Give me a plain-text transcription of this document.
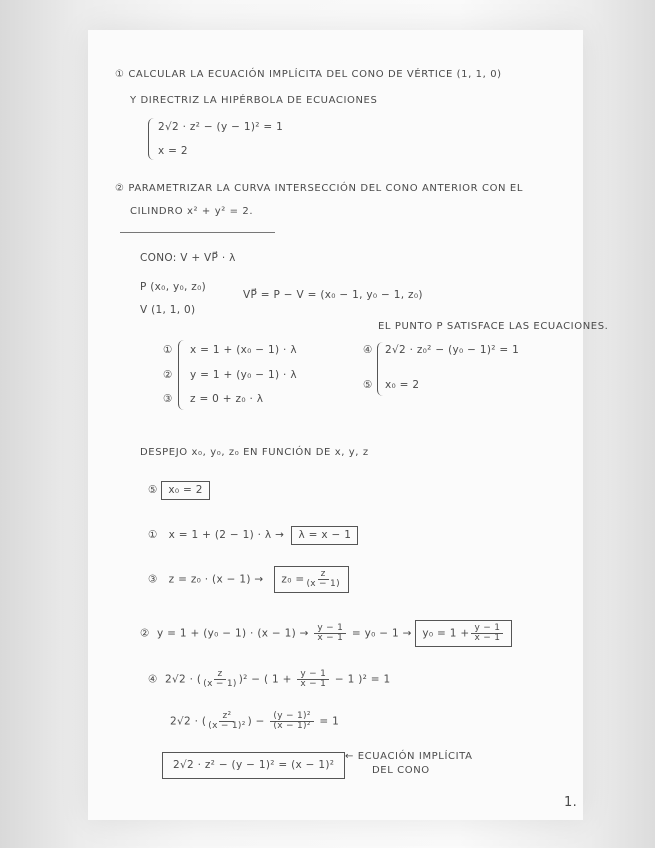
① CALCULAR LA ECUACIÓN IMPLÍCITA DEL CONO DE VÉRTICE (1, 1, 0)
Y DIRECTRIZ LA HIPÉRBOLA DE ECUACIONES
2√2 · z² − (y − 1)² = 1
x = 2
② PARAMETRIZAR LA CURVA INTERSECCIÓN DEL CONO ANTERIOR CON EL
CILINDRO x² + y² = 2.
CONO: V + VP⃗ · λ
P (x₀, y₀, z₀)
V (1, 1, 0)
VP⃗ = P − V = (x₀ − 1, y₀ − 1, z₀)
EL PUNTO P SATISFACE LAS ECUACIONES.
① x = 1 + (x₀ − 1) · λ
② y = 1 + (y₀ − 1) · λ
③ z = 0 + z₀ · λ
④ 2√2 · z₀² − (y₀ − 1)² = 1
⑤ x₀ = 2
DESPEJO x₀, y₀, z₀ EN FUNCIÓN DE x, y, z
⑤ x₀ = 2
① x = 1 + (2 − 1) · λ → λ = x − 1
③ $z = z_0 \cdot (x - 1) \to z_0 = \frac{z}{(x - 1)}$
② $y = 1 + (y_0 - 1) \cdot (x - 1) \to \frac{y - 1}{x - 1} = y_0 - 1 \to y_0 = 1 + \frac{y - 1}{x - 1}$
④ 2√2 · ( $\frac{z}{(x - 1)} )^2$ − ( $1 + \frac{y - 1}{x - 1} - 1$ )² = 1
2√2 · ( $\frac{\text{z²}}{\text{(x − 1)²}}$ ) − $\frac{\text{(y − 1)²}}{\text{(x − 1)²}} = 1$
2√2 · z² − (y − 1)² = (x − 1)²
← ECUACIÓN IMPLÍCITA
DEL CONO
1.
